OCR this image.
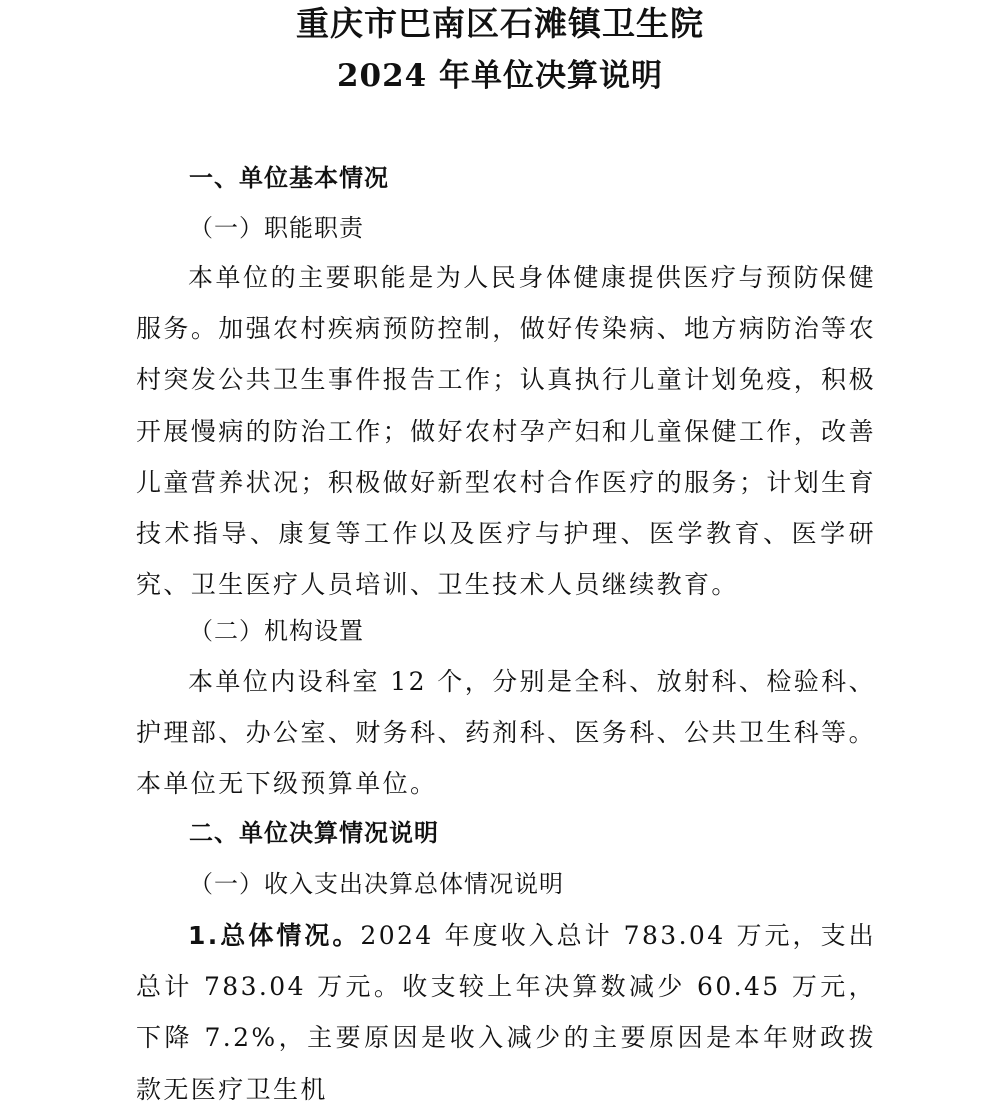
重庆市巴南区石滩镇卫生院
2024 年单位决算说明
一、单位基本情况
（一）职能职责
本单位的主要职能是为人民身体健康提供医疗与预防保健服务。加强农村疾病预防控制，做好传染病、地方病防治等农村突发公共卫生事件报告工作；认真执行儿童计划免疫，积极开展慢病的防治工作；做好农村孕产妇和儿童保健工作，改善儿童营养状况；积极做好新型农村合作医疗的服务；计划生育技术指导、康复等工作以及医疗与护理、医学教育、医学研究、卫生医疗人员培训、卫生技术人员继续教育。
（二）机构设置
本单位内设科室 12 个，分别是全科、放射科、检验科、护理部、办公室、财务科、药剂科、医务科、公共卫生科等。本单位无下级预算单位。
二、单位决算情况说明
（一）收入支出决算总体情况说明
1.总体情况。2024 年度收入总计 783.04 万元，支出总计 783.04 万元。收支较上年决算数减少 60.45 万元，下降 7.2%，主要原因是收入减少的主要原因是本年财政拨款无医疗卫生机
